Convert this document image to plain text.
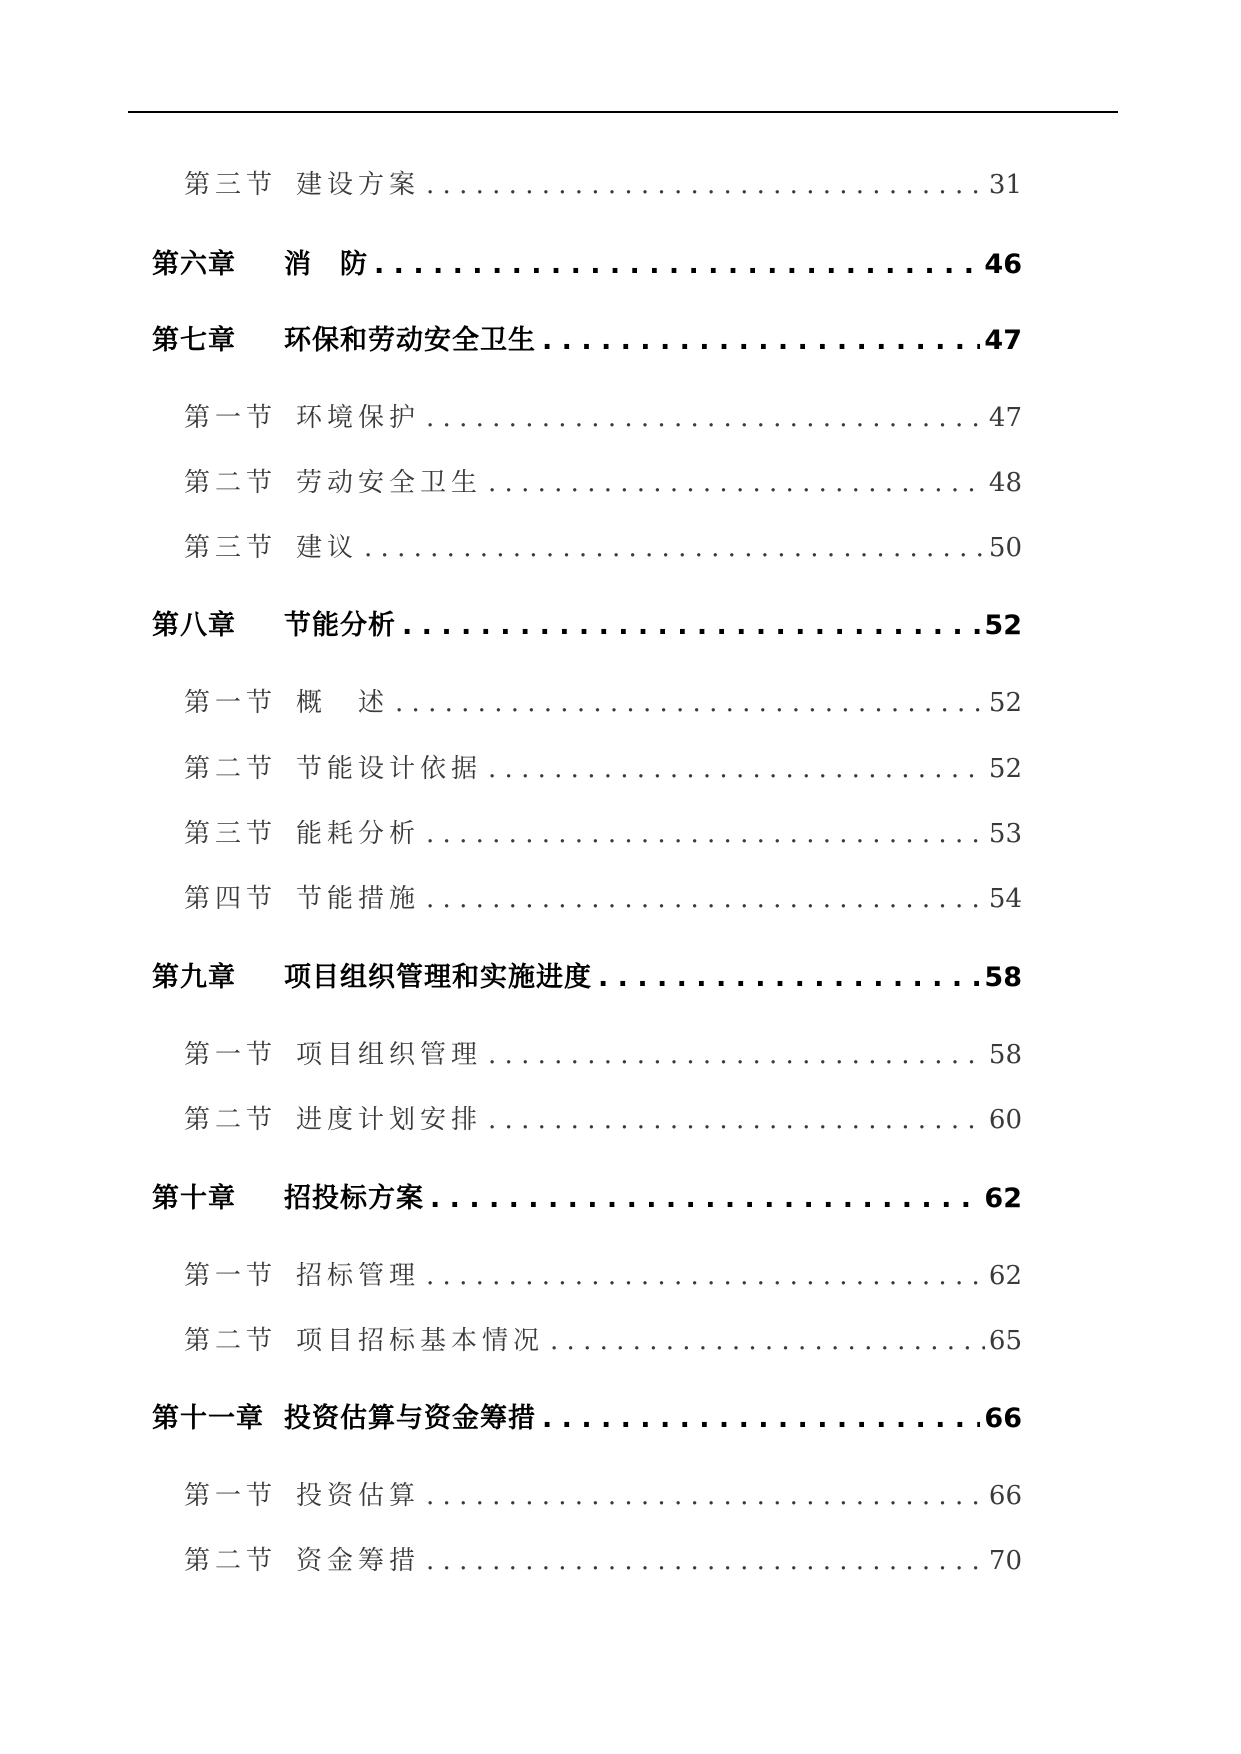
第三节 建设方案 . . .	31
第六章	消　防 . . .	46
第七章	环保和劳动安全卫生 . . .	47
第一节 环境保护 . . .	47
第二节 劳动安全卫生 . . .	48
第三节 建议 . . .	50
第八章	节能分析 . . .	52
第一节 概　述 . . .	52
第二节 节能设计依据 . . .	52
第三节 能耗分析 . . .	53
第四节 节能措施 . . .	54
第九章	项目组织管理和实施进度 . . .	58
第一节 项目组织管理 . . .	58
第二节 进度计划安排 . . .	60
第十章	招投标方案 . . .	62
第一节 招标管理 . . .	62
第二节 项目招标基本情况 . . .	65
第十一章 投资估算与资金筹措 . . .	66
第一节 投资估算 . . .	66
第二节 资金筹措 . . .	70
